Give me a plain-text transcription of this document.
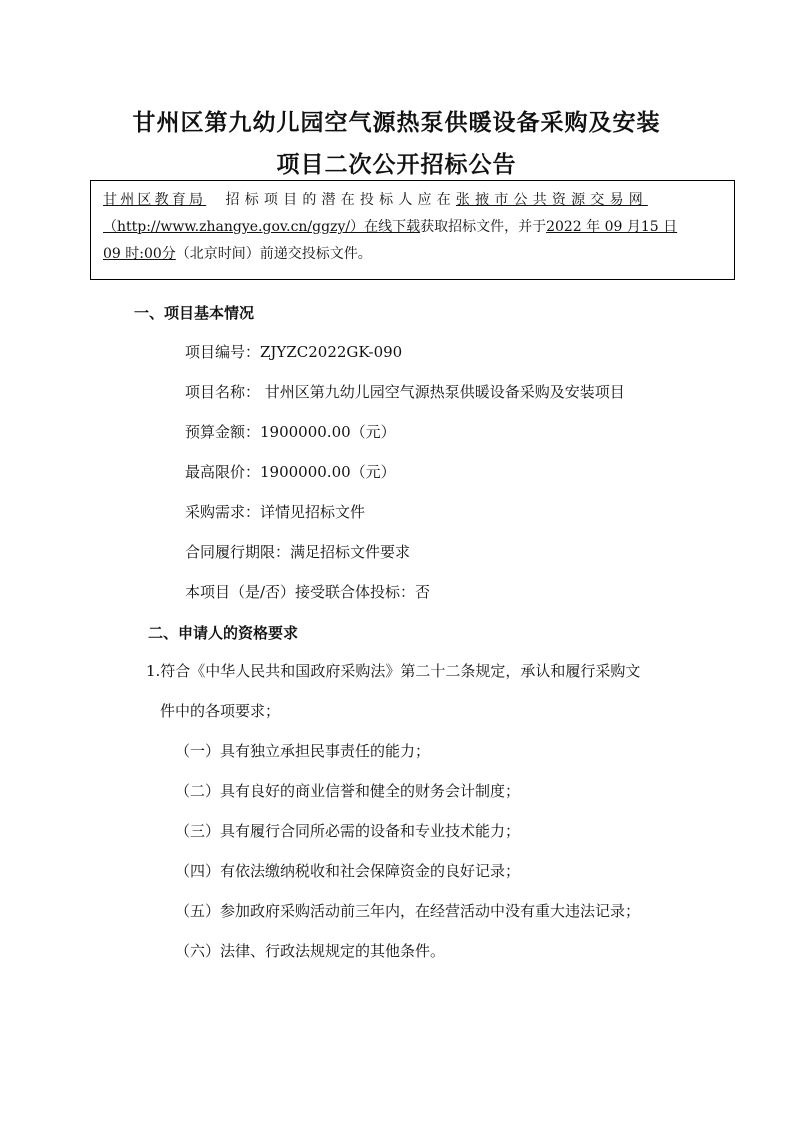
甘州区第九幼儿园空气源热泵供暖设备采购及安装
项目二次公开招标公告
甘州区教育局 招标项目的潜在投标人应在张掖市公共资源交易网
（http://www.zhangye.gov.cn/ggzy/）在线下载获取招标文件，并于2022 年 09 月15 日
09 时:00分（北京时间）前递交投标文件。
一、项目基本情况
项目编号：ZJYZC2022GK-090
项目名称： 甘州区第九幼儿园空气源热泵供暖设备采购及安装项目
预算金额：1900000.00（元）
最高限价：1900000.00（元）
采购需求：详情见招标文件
合同履行期限：满足招标文件要求
本项目（是/否）接受联合体投标：否
二、申请人的资格要求
1.符合《中华人民共和国政府采购法》第二十二条规定，承认和履行采购文
件中的各项要求；
（一）具有独立承担民事责任的能力；
（二）具有良好的商业信誉和健全的财务会计制度；
（三）具有履行合同所必需的设备和专业技术能力；
（四）有依法缴纳税收和社会保障资金的良好记录；
（五）参加政府采购活动前三年内，在经营活动中没有重大违法记录；
（六）法律、行政法规规定的其他条件。
